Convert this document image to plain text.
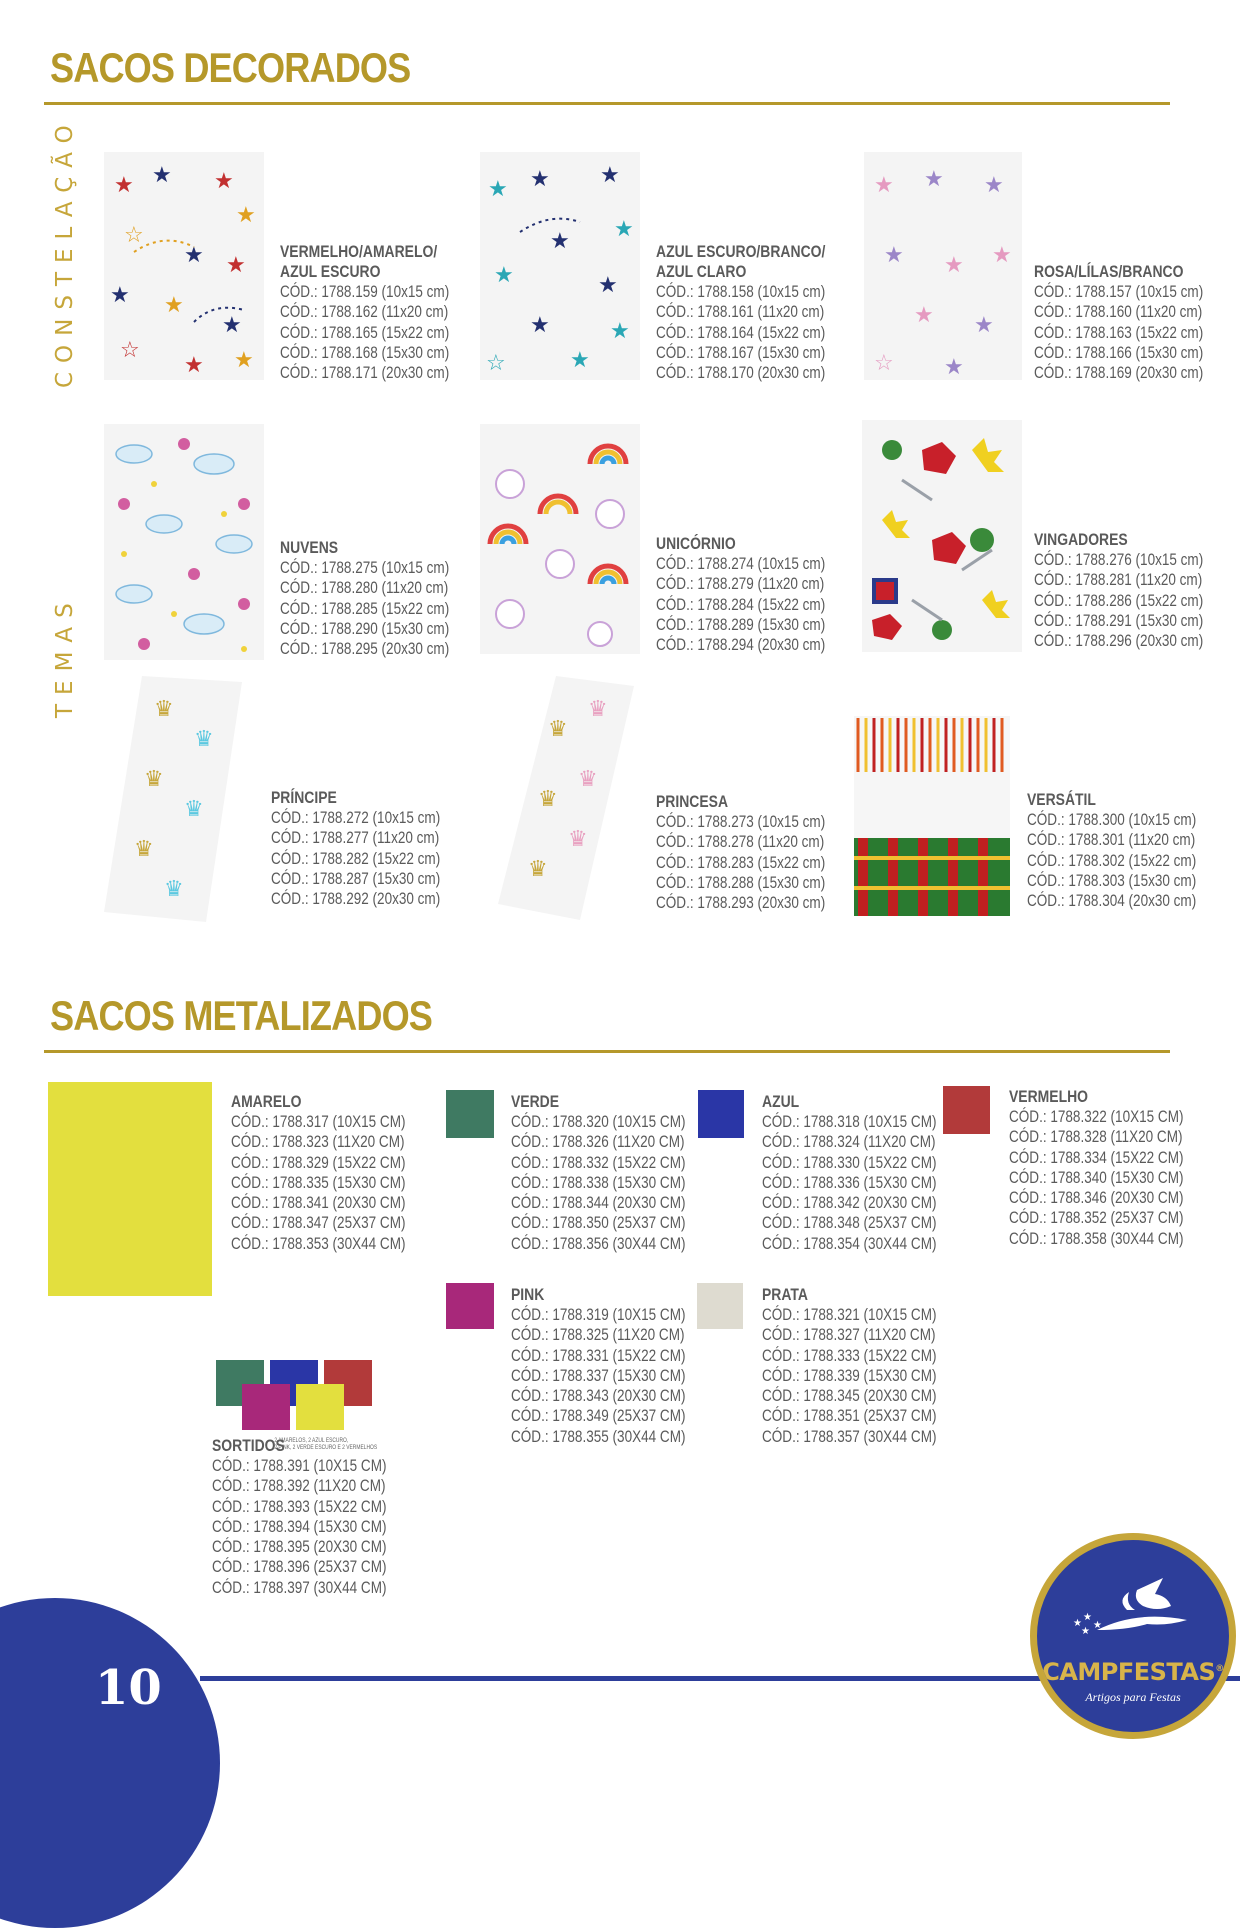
SACOS DECORADOS
CONSTELAÇÃO
TEMAS
★ ★ ★
★
☆
★ ★
★ ★
★
☆
★ ★
VERMELHO/AMARELO/
AZUL ESCURO
CÓD.: 1788.159 (10x15 cm)
CÓD.: 1788.162 (11x20 cm)
CÓD.: 1788.165 (15x22 cm)
CÓD.: 1788.168 (15x30 cm)
CÓD.: 1788.171 (20x30 cm)
★ ★ ★
★
★
★	★
★	★
☆	★
AZUL ESCURO/BRANCO/
AZUL CLARO
CÓD.: 1788.158 (10x15 cm)
CÓD.: 1788.161 (11x20 cm)
CÓD.: 1788.164 (15x22 cm)
CÓD.: 1788.167 (15x30 cm)
CÓD.: 1788.170 (20x30 cm)
★ ★ ★
★ ★ ★
★ ★
☆ ★
ROSA/LÍLAS/BRANCO
CÓD.: 1788.157 (10x15 cm)
CÓD.: 1788.160 (11x20 cm)
CÓD.: 1788.163 (15x22 cm)
CÓD.: 1788.166 (15x30 cm)
CÓD.: 1788.169 (20x30 cm)
NUVENS
CÓD.: 1788.275 (10x15 cm)
CÓD.: 1788.280 (11x20 cm)
CÓD.: 1788.285 (15x22 cm)
CÓD.: 1788.290 (15x30 cm)
CÓD.: 1788.295 (20x30 cm)
UNICÓRNIO
CÓD.: 1788.274 (10x15 cm)
CÓD.: 1788.279 (11x20 cm)
CÓD.: 1788.284 (15x22 cm)
CÓD.: 1788.289 (15x30 cm)
CÓD.: 1788.294 (20x30 cm)
VINGADORES
CÓD.: 1788.276 (10x15 cm)
CÓD.: 1788.281 (11x20 cm)
CÓD.: 1788.286 (15x22 cm)
CÓD.: 1788.291 (15x30 cm)
CÓD.: 1788.296 (20x30 cm)
♛
♛
♛
♛
♛
♛
PRÍNCIPE
CÓD.: 1788.272 (10x15 cm)
CÓD.: 1788.277 (11x20 cm)
CÓD.: 1788.282 (15x22 cm)
CÓD.: 1788.287 (15x30 cm)
CÓD.: 1788.292 (20x30 cm)
♛
♛
♛
♛
♛
♛
PRINCESA
CÓD.: 1788.273 (10x15 cm)
CÓD.: 1788.278 (11x20 cm)
CÓD.: 1788.283 (15x22 cm)
CÓD.: 1788.288 (15x30 cm)
CÓD.: 1788.293 (20x30 cm)
VERSÁTIL
CÓD.: 1788.300 (10x15 cm)
CÓD.: 1788.301 (11x20 cm)
CÓD.: 1788.302 (15x22 cm)
CÓD.: 1788.303 (15x30 cm)
CÓD.: 1788.304 (20x30 cm)
SACOS METALIZADOS
AMARELO
CÓD.: 1788.317 (10X15 CM)
CÓD.: 1788.323 (11X20 CM)
CÓD.: 1788.329 (15X22 CM)
CÓD.: 1788.335 (15X30 CM)
CÓD.: 1788.341 (20X30 CM)
CÓD.: 1788.347 (25X37 CM)
CÓD.: 1788.353 (30X44 CM)
VERDE
CÓD.: 1788.320 (10X15 CM)
CÓD.: 1788.326 (11X20 CM)
CÓD.: 1788.332 (15X22 CM)
CÓD.: 1788.338 (15X30 CM)
CÓD.: 1788.344 (20X30 CM)
CÓD.: 1788.350 (25X37 CM)
CÓD.: 1788.356 (30X44 CM)
AZUL
CÓD.: 1788.318 (10X15 CM)
CÓD.: 1788.324 (11X20 CM)
CÓD.: 1788.330 (15X22 CM)
CÓD.: 1788.336 (15X30 CM)
CÓD.: 1788.342 (20X30 CM)
CÓD.: 1788.348 (25X37 CM)
CÓD.: 1788.354 (30X44 CM)
VERMELHO
CÓD.: 1788.322 (10X15 CM)
CÓD.: 1788.328 (11X20 CM)
CÓD.: 1788.334 (15X22 CM)
CÓD.: 1788.340 (15X30 CM)
CÓD.: 1788.346 (20X30 CM)
CÓD.: 1788.352 (25X37 CM)
CÓD.: 1788.358 (30X44 CM)
PINK
CÓD.: 1788.319 (10X15 CM)
CÓD.: 1788.325 (11X20 CM)
CÓD.: 1788.331 (15X22 CM)
CÓD.: 1788.337 (15X30 CM)
CÓD.: 1788.343 (20X30 CM)
CÓD.: 1788.349 (25X37 CM)
CÓD.: 1788.355 (30X44 CM)
PRATA
CÓD.: 1788.321 (10X15 CM)
CÓD.: 1788.327 (11X20 CM)
CÓD.: 1788.333 (15X22 CM)
CÓD.: 1788.339 (15X30 CM)
CÓD.: 1788.345 (20X30 CM)
CÓD.: 1788.351 (25X37 CM)
CÓD.: 1788.357 (30X44 CM)
SORTIDOS
2 AMARELOS, 2 AZUL ESCURO,
2 PINK, 2 VERDE ESCURO E 2 VERMELHOS
CÓD.: 1788.391 (10X15 CM)
CÓD.: 1788.392 (11X20 CM)
CÓD.: 1788.393 (15X22 CM)
CÓD.: 1788.394 (15X30 CM)
CÓD.: 1788.395 (20X30 CM)
CÓD.: 1788.396 (25X37 CM)
CÓD.: 1788.397 (30X44 CM)
10
★
★
★
★
CAMPFESTAS®
Artigos para Festas
